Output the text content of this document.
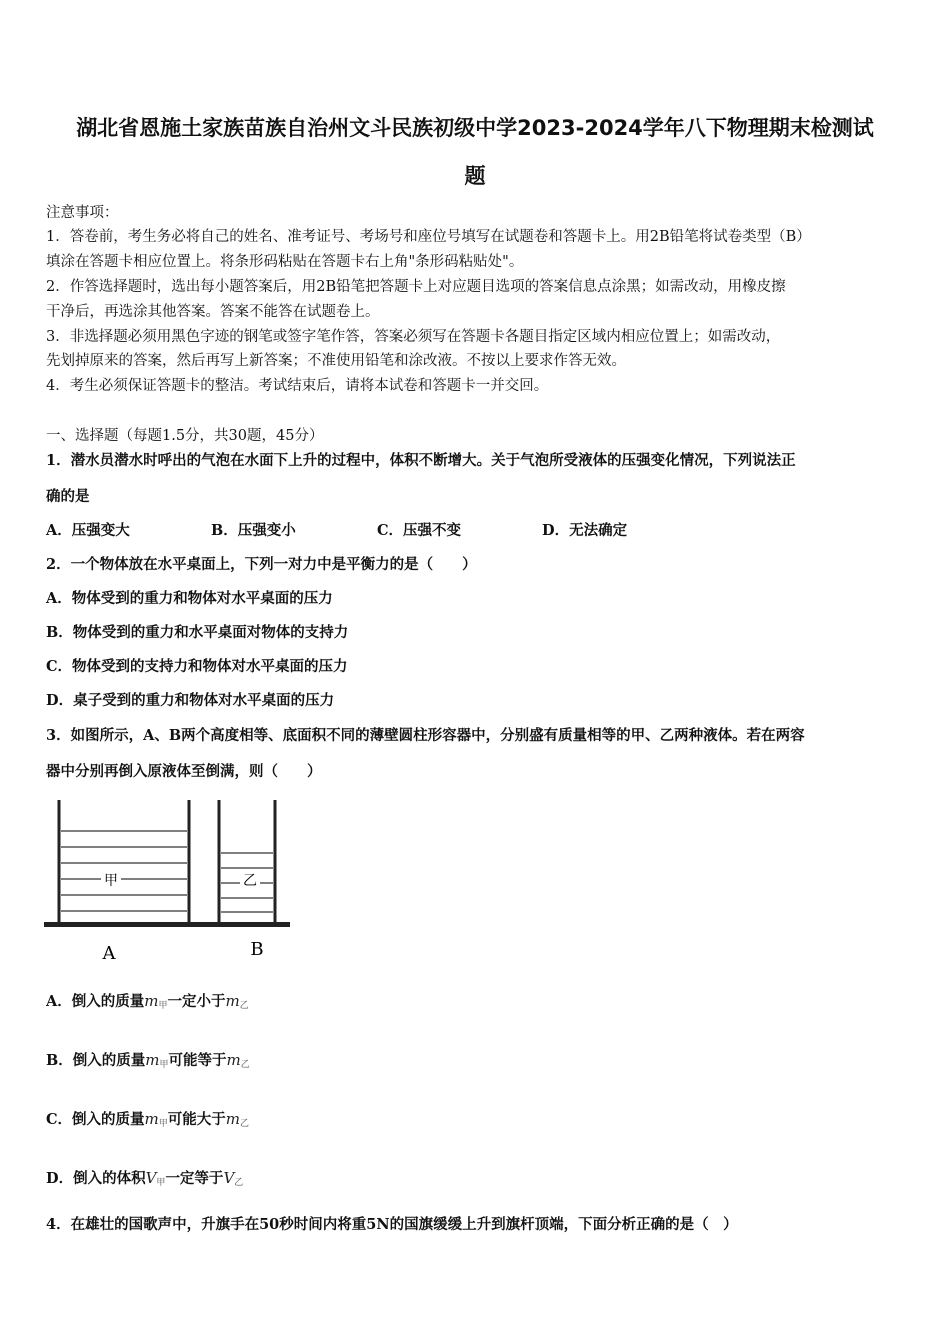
湖北省恩施土家族苗族自治州文斗民族初级中学2023-2024学年八下物理期末检测试
题
注意事项：
1．答卷前，考生务必将自己的姓名、准考证号、考场号和座位号填写在试题卷和答题卡上。用2B铅笔将试卷类型（B）
填涂在答题卡相应位置上。将条形码粘贴在答题卡右上角"条形码粘贴处"。
2．作答选择题时，选出每小题答案后，用2B铅笔把答题卡上对应题目选项的答案信息点涂黑；如需改动，用橡皮擦
干净后，再选涂其他答案。答案不能答在试题卷上。
3．非选择题必须用黑色字迹的钢笔或签字笔作答，答案必须写在答题卡各题目指定区域内相应位置上；如需改动，
先划掉原来的答案，然后再写上新答案；不准使用铅笔和涂改液。不按以上要求作答无效。
4．考生必须保证答题卡的整洁。考试结束后，请将本试卷和答题卡一并交回。
一、选择题（每题1.5分，共30题，45分）
1．潜水员潜水时呼出的气泡在水面下上升的过程中，体积不断增大。关于气泡所受液体的压强变化情况，下列说法正
确的是
A．压强变大	B．压强变小	C．压强不变	D．无法确定
2．一个物体放在水平桌面上，下列一对力中是平衡力的是（　　）
A．物体受到的重力和物体对水平桌面的压力
B．物体受到的重力和水平桌面对物体的支持力
C．物体受到的支持力和物体对水平桌面的压力
D．桌子受到的重力和物体对水平桌面的压力
3．如图所示，A、B两个高度相等、底面积不同的薄壁圆柱形容器中，分别盛有质量相等的甲、乙两种液体。若在两容
器中分别再倒入原液体至倒满，则（　　）
甲	乙
A	B
A．倒入的质量$m_甲$一定小于$m_乙$
B．倒入的质量$m_甲$可能等于$m_乙$
C．倒入的质量$m_甲$可能大于$m_乙$
D．倒入的体积$V_甲$一定等于$V_乙$
4．在雄壮的国歌声中，升旗手在50秒时间内将重5N的国旗缓缓上升到旗杆顶端，下面分析正确的是（　）
